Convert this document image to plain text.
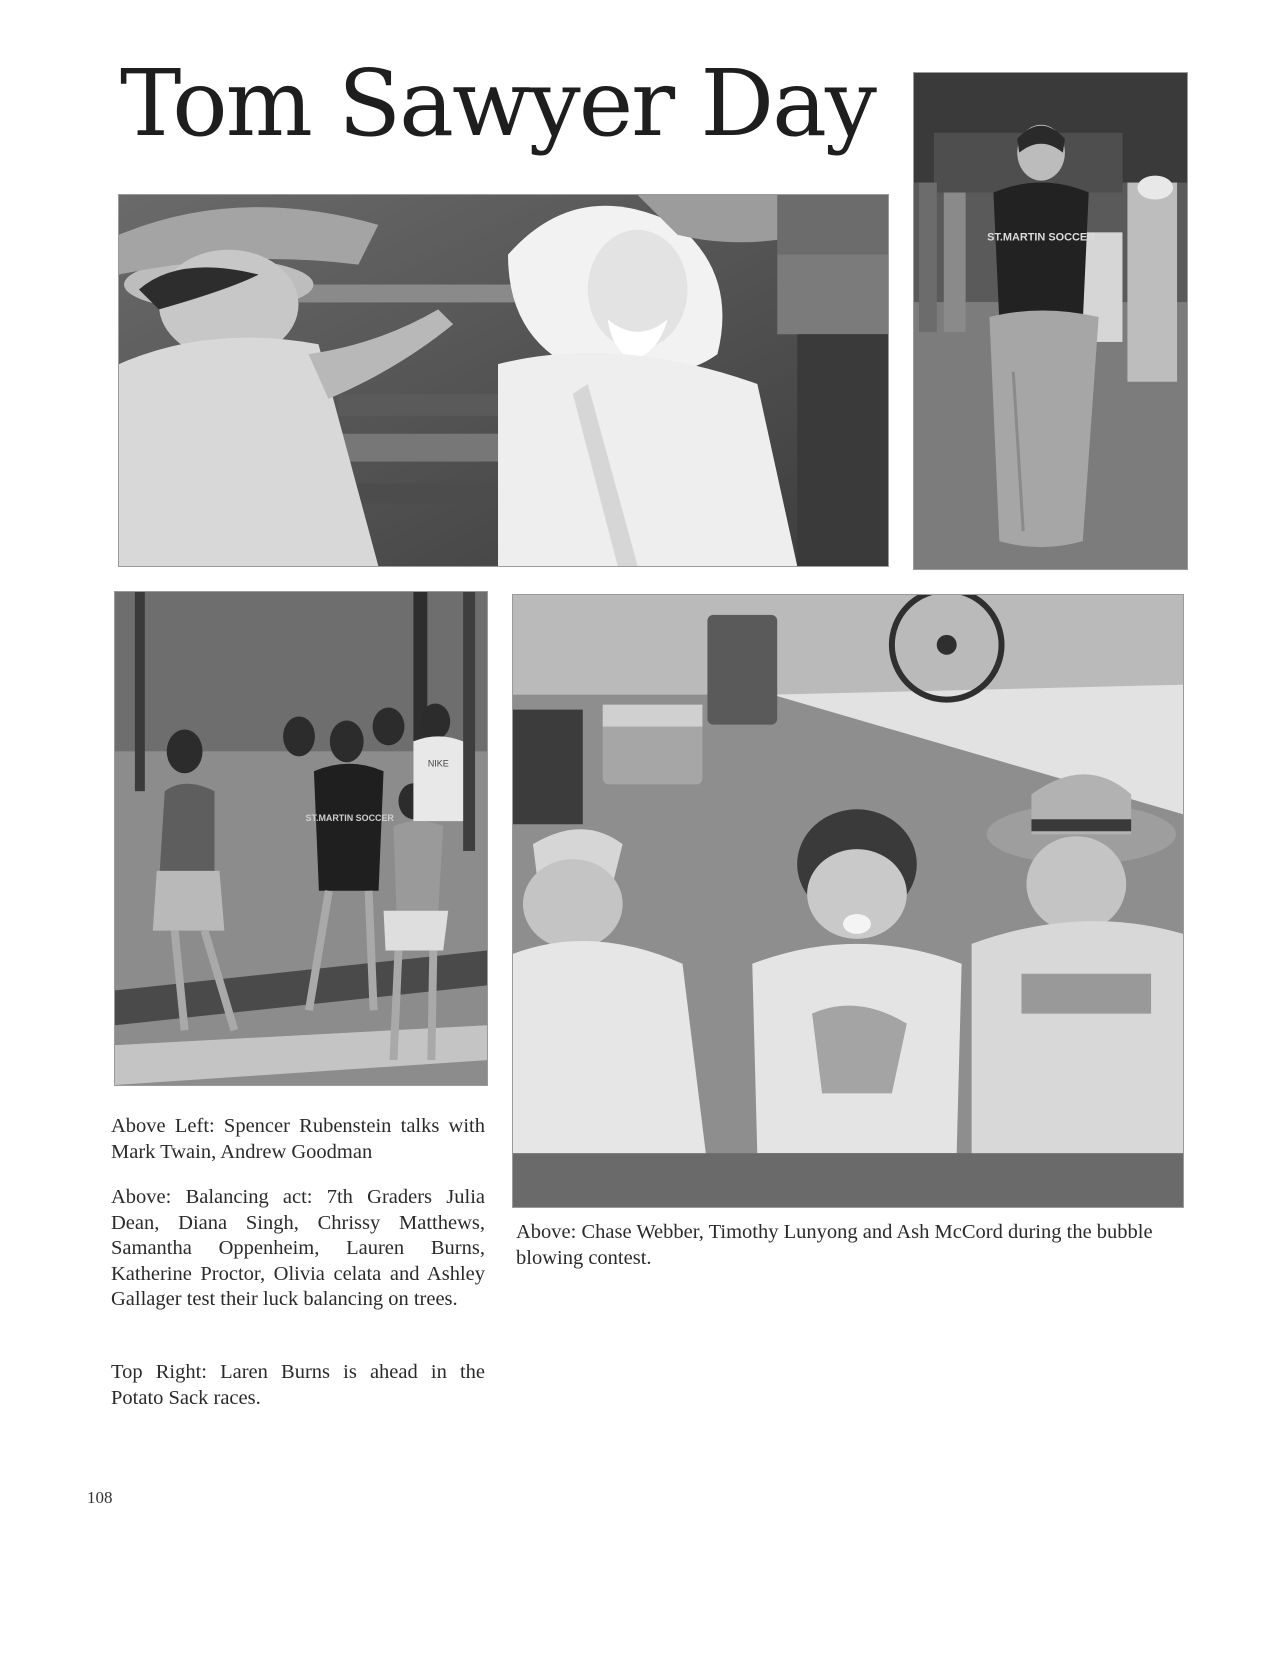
Tom Sawyer Day
ST.MARTIN SOCCER
ST.MARTIN SOCCER
NIKE

Above Left: Spencer Rubenstein talks with Mark Twain, Andrew Goodman

Above: Balancing act: 7th Graders Julia Dean, Diana Singh, Chrissy Matthews, Samantha Oppenheim, Lauren Burns, Katherine Proctor, Olivia celata and Ashley Gallager test their luck balancing on trees.

Top Right: Laren Burns is ahead in the Potato Sack races.

Above: Chase Webber, Timothy Lunyong and Ash McCord during the bubble blowing contest.

108
